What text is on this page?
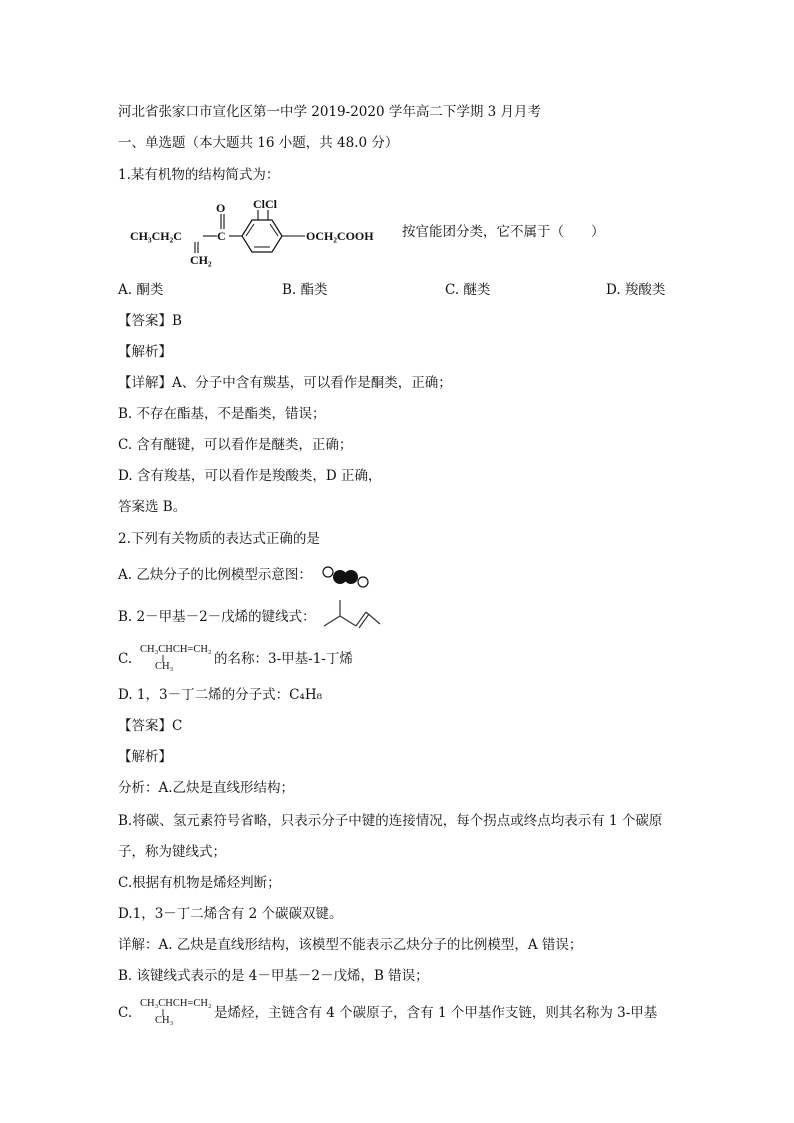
河北省张家口市宣化区第一中学 2019-2020 学年高二下学期 3 月月考
一、单选题（本大题共 16 小题，共 48.0 分）
1.某有机物的结构简式为：
CH₃CH₂C
O
C
CH₂
ClCl
OCH₂COOH 按官能团分类，它不属于（　　）
A. 酮类	B. 酯类	C. 醚类	D. 羧酸类
【答案】B
【解析】
【详解】A、分子中含有羰基，可以看作是酮类，正确；
B. 不存在酯基，不是酯类，错误；
C. 含有醚键，可以看作是醚类，正确；
D. 含有羧基，可以看作是羧酸类，D 正确，
答案选 B。
2.下列有关物质的表达式正确的是
A. 乙炔分子的比例模型示意图：
B. 2－甲基－2－戊烯的键线式：
C.
CH₃CHCH=CH₂
CH₃	的名称：3-甲基-1-丁烯
D. 1，3－丁二烯的分子式：C₄H₈
【答案】C
【解析】
分析：A.乙炔是直线形结构；
B.将碳、氢元素符号省略，只表示分子中键的连接情况，每个拐点或终点均表示有 1 个碳原
子，称为键线式；
C.根据有机物是烯烃判断；
D.1，3－丁二烯含有 2 个碳碳双键。
详解：A. 乙炔是直线形结构，该模型不能表示乙炔分子的比例模型，A 错误；
B. 该键线式表示的是 4－甲基－2－戊烯，B 错误；
C.
CH₃CHCH=CH₂
CH₃	是烯烃，主链含有 4 个碳原子，含有 1 个甲基作支链，则其名称为 3-甲基
